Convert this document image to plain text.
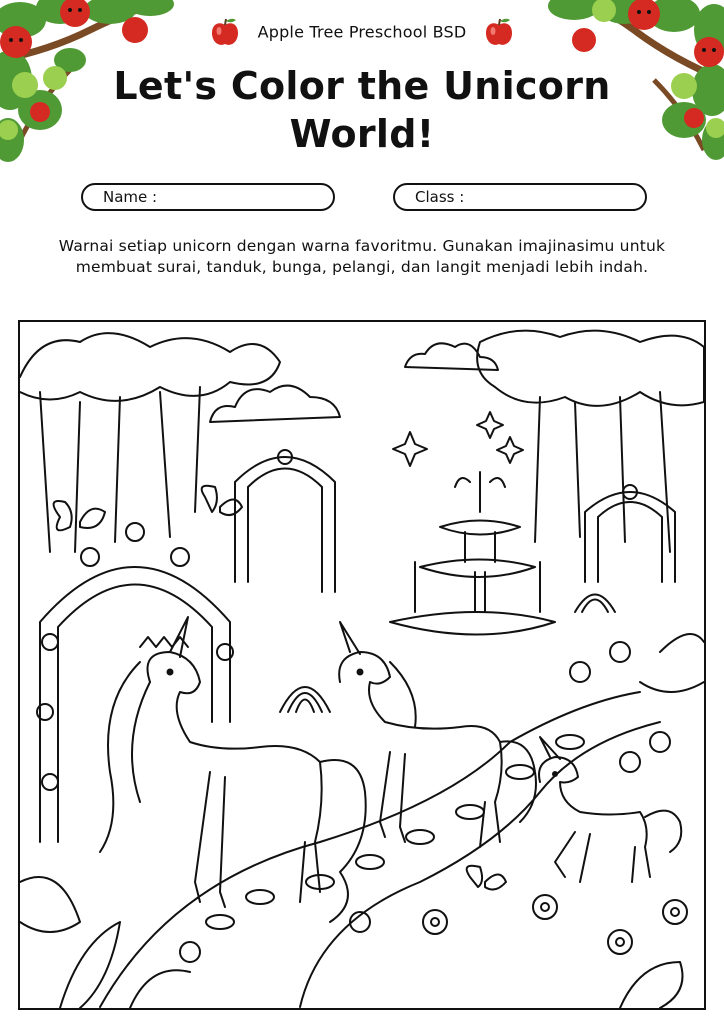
Apple Tree Preschool BSD
Let's Color the Unicorn
World!
Name :	Class :
Warnai setiap unicorn dengan warna favoritmu. Gunakan imajinasimu untuk
membuat surai, tanduk, bunga, pelangi, dan langit menjadi lebih indah.
